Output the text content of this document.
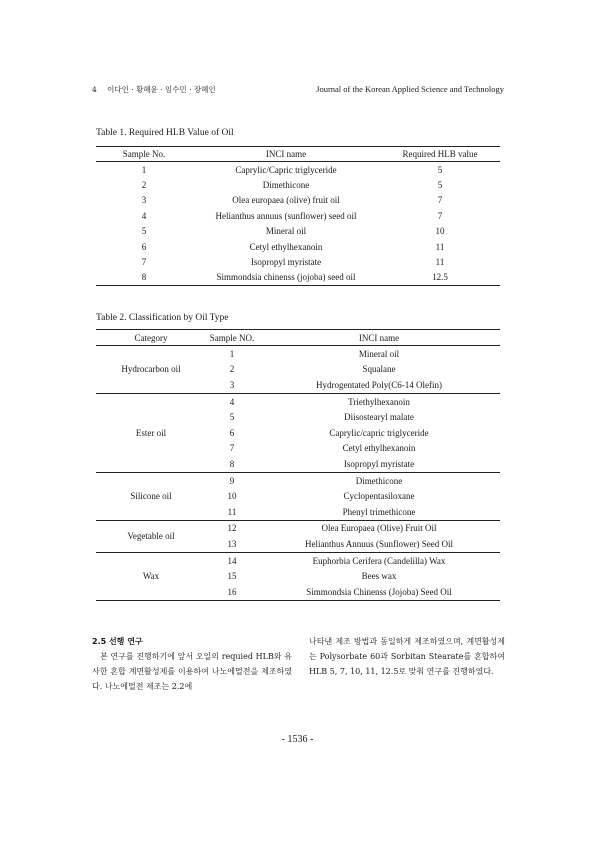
4 이다인 · 황혜윤 · 임수민 · 장혜인	Journal of the Korean Applied Science and Technology
Table 1. Required HLB Value of Oil
Sample No.	INCI name	Required HLB value
1	Caprylic/Capric triglyceride	5
2	Dimethicone	5
3	Olea europaea (olive) fruit oil	7
4	Helianthus annuus (sunflower) seed oil	7
5	Mineral oil	10
6	Cetyl ethylhexanoin	11
7	Isopropyl myristate	11
8	Simmondsia chinenss (jojoba) seed oil	12.5
Table 2. Classification by Oil Type
Category	Sample NO.	INCI name
Hydrocarbon oil	1	Mineral oil
	2	Squalane
	3	Hydrogentated Poly(C6-14 Olefin)
Ester oil	4	Triethylhexanoin
	5	Diisostearyl malate
	6	Caprylic/capric triglyceride
	7	Cetyl ethylhexanoin
	8	Isopropyl myristate
Silicone oil	9	Dimethicone
	10	Cyclopentasiloxane
	11	Phenyl trimethicone
Vegetable oil	12	Olea Europaea (Olive) Fruit Oil
	13	Helianthus Annuus (Sunflower) Seed Oil
Wax	14	Euphorbia Cerifera (Candelilla) Wax
	15	Bees wax
	16	Simmondsia Chinenss (Jojoba) Seed Oil
2.5 선행 연구
본 연구를 진행하기에 앞서 오일의 requied HLB와 유사한 혼합 계면활성제를 이용하여 나노에멀전을 제조하였다. 나노에멀전 제조는 2.2에
나타낸 제조 방법과 동일하게 제조하였으며, 계면활성제는 Polysorbate 60과 Sorbitan Stearate를 혼합하여 HLB 5, 7, 10, 11, 12.5로 맞춰 연구를 진행하였다.
- 1536 -
